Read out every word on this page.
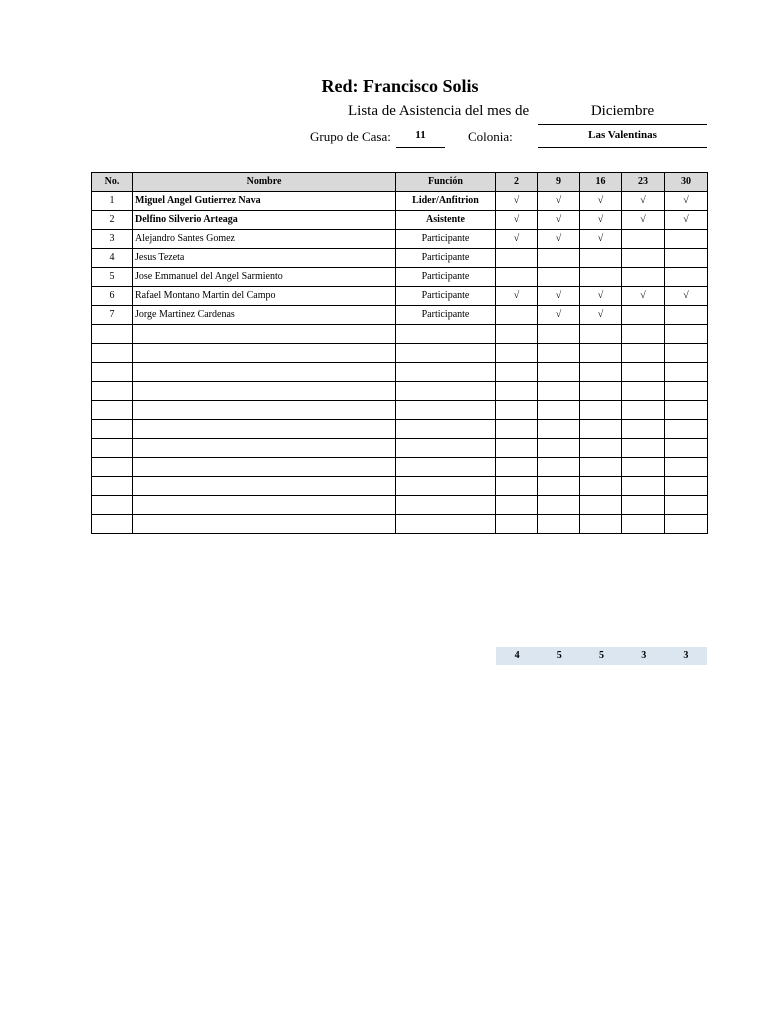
Red: Francisco Solis
Lista de Asistencia del mes de	Diciembre
Grupo de Casa:	11	Colonia:	Las Valentinas
No.	Nombre	Función	2	9	16	23	30
1	Miguel Angel Gutierrez Nava	Lider/Anfitrion	√	√	√	√	√
2	Delfino Silverio Arteaga	Asistente	√	√	√	√	√
3	Alejandro Santes Gomez	Participante	√	√	√		
4	Jesus Tezeta	Participante					
5	Jose Emmanuel del Angel Sarmiento	Participante					
6	Rafael Montano Martin del Campo	Participante	√	√	√	√	√
7	Jorge Martinez Cardenas	Participante		√	√		

4	5	5	3	3
